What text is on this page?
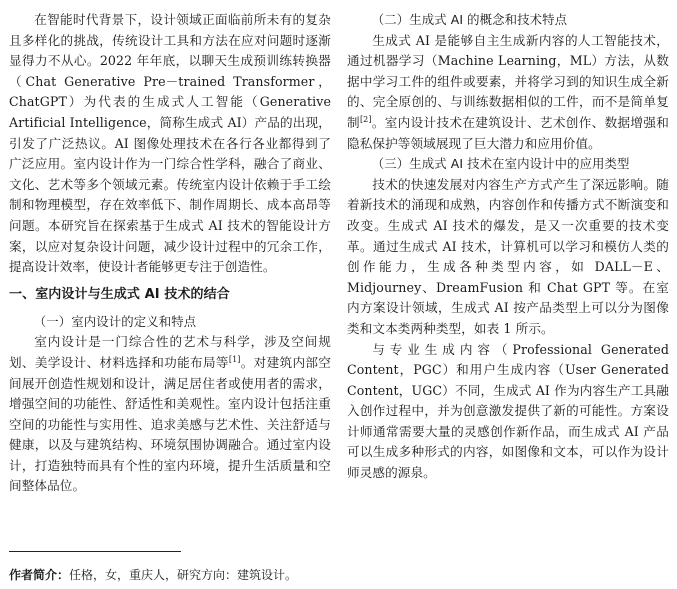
在智能时代背景下，设计领域正面临前所未有的复杂且多样化的挑战，传统设计工具和方法在应对问题时逐渐显得力不从心。2022 年年底，以聊天生成预训练转换器（Chat Generative Pre－trained Transformer，ChatGPT）为代表的生成式人工智能（Generative Artificial Intelligence，简称生成式 AI）产品的出现，引发了广泛热议。AI 图像处理技术在各行各业都得到了广泛应用。室内设计作为一门综合性学科，融合了商业、文化、艺术等多个领域元素。传统室内设计依赖于手工绘制和物理模型，存在效率低下、制作周期长、成本高昂等问题。本研究旨在探索基于生成式 AI 技术的智能设计方案，以应对复杂设计问题，减少设计过程中的冗余工作，提高设计效率，使设计者能够更专注于创造性。

一、室内设计与生成式 AI 技术的结合
（一）室内设计的定义和特点

室内设计是一门综合性的艺术与科学，涉及空间规划、美学设计、材料选择和功能布局等[1]。对建筑内部空间展开创造性规划和设计，满足居住者或使用者的需求，增强空间的功能性、舒适性和美观性。室内设计包括注重空间的功能性与实用性、追求美感与艺术性、关注舒适与健康，以及与建筑结构、环境氛围协调融合。通过室内设计，打造独特而具有个性的室内环境，提升生活质量和空间整体品位。

（二）生成式 AI 的概念和技术特点

生成式 AI 是能够自主生成新内容的人工智能技术，通过机器学习（Machine Learning，ML）方法，从数据中学习工件的组件或要素，并将学习到的知识生成全新的、完全原创的、与训练数据相似的工件，而不是简单复制[2]。室内设计技术在建筑设计、艺术创作、数据增强和隐私保护等领域展现了巨大潜力和应用价值。

（三）生成式 AI 技术在室内设计中的应用类型

技术的快速发展对内容生产方式产生了深远影响。随着新技术的涌现和成熟，内容创作和传播方式不断演变和改变。生成式 AI 技术的爆发，是又一次重要的技术变革。通过生成式 AI 技术，计算机可以学习和模仿人类的创作能力，生成各种类型内容，如 DALL－E、Midjourney、DreamFusion 和 Chat GPT 等。在室内方案设计领域，生成式 AI 按产品类型上可以分为图像类和文本类两种类型，如表 1 所示。

与专业生成内容（Professional Generated Content，PGC）和用户生成内容（User Generated Content，UGC）不同，生成式 AI 作为内容生产工具融入创作过程中，并为创意激发提供了新的可能性。方案设计师通常需要大量的灵感创作新作品，而生成式 AI 产品可以生成多种形式的内容，如图像和文本，可以作为设计师灵感的源泉。

作者简介：任格，女，重庆人，研究方向：建筑设计。
